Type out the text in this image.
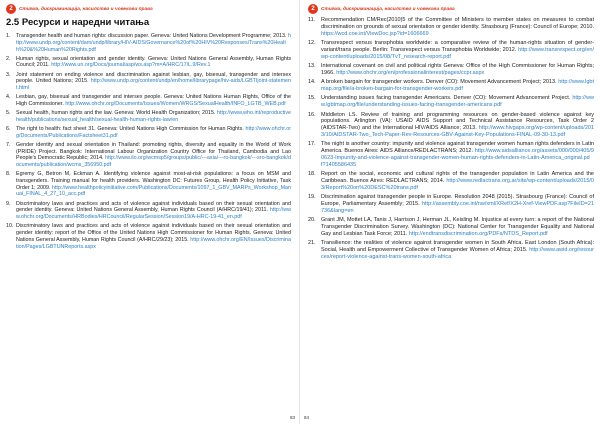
2	Стигма, дискриминација, насилство и човекови права
2.5 Ресурси и наредни читања
1.	Transgender health and human rights: discussion paper. Geneva: United Nations Development Programme; 2013. http://www.undp.org/content/dam/undp/library/HIV-AIDS/Governance%20of%20HIV%20Responses/Trans%20Health%20&%20Human%20Rights.pdf
2.	Human rights, sexual orientation and gender identity. Geneva: United Nations General Assembly, Human Rights Council; 2011. http://www.un.org/Docs/journal/asp/ws.asp?m=A/HRC/17/L.9/Rev.1
3.	Joint statement on ending violence and discrimination against lesbian, gay, bisexual, transgender and intersex people. United Nations; 2015. http://www.undp.org/content/undp/en/home/librarypage/hiv-aids/LGBTIjoint-statement.html
4.	Lesbian, gay, bisexual and transgender and intersex people. Geneva: United Nations Human Rights, Office of the High Commissioner. http://www.ohchr.org/Documents/Issues/Women/WRGS/SexualHealth/INFO_LGTB_WEB.pdf
5.	Sexual health, human rights and the law. Geneva: World Health Organization; 2015. http://www.who.int/reproductivehealth/publications/sexual_health/sexual-health-human-rights-law/en
6.	The right to health: fact sheet 31. Geneva: United Nations High Commission for Human Rights. http://www.ohchr.org/Documents/Publications/Factsheet31.pdf
7.	Gender identity and sexual orientation in Thailand: promoting rights, diversity and equality in the World of Work (PRIDE) Project. Bangkok: International Labour Organization Country Office for Thailand, Cambodia and Lao People's Democratic Republic; 2014. http://www.ilo.org/wcmsp5/groups/public/---asia/---ro-bangkok/---sro-bangkok/documents/publication/wcms_356950.pdf
8.	Egremy G, Betron M, Eckman A. Identifying violence against most-at-risk populations: a focus on MSM and transgenders. Training manual for health providers. Washington DC: Futures Group, Health Policy Initiative, Task Order 1; 2009. http://www.healthpolicyinitiative.com/Publications/Documents/1097_1_GBV_MARPs_Workshop_Manual_FINAL_4_27_10_acc.pdf
9.	Discriminatory laws and practices and acts of violence against individuals based on their sexual orientation and gender identity. Geneva: United Nations General Assembly, Human Rights Council (A/HRC/19/41); 2011. http://www.ohchr.org/Documents/HRBodies/HRCouncil/RegularSession/Session19/A-HRC-19-41_en.pdf
10. Discriminatory laws and practices and acts of violence against individuals based on their sexual orientation and gender identity: report of the Office of the United Nations High Commissioner for Human Rights. Geneva: United Nations General Assembly, Human Rights Council (A/HRC/29/23); 2015. http://www.ohchr.org/EN/Issues/Discrimination/Pages/LGBTUNReports.aspx
83
2	Стигма, дискриминација, насилство и човекови права
11.	Recommendation CM/Rec(2010)5 of the Committee of Ministers to member states on measures to combat discrimination on grounds of sexual orientation or gender identity. Strasbourg (France): Council of Europe; 2010. https://wcd.coe.int/ViewDoc.jsp?id=1606669
12. Transrespect versus transphobia worldwide: a comparative review of the human-rights situation of gender-variant/trans people. Berlin: Transrespect versus Transphobia Worldwide; 2012. http://www.transrespect.org/en/wp-content/uploads/2015/08/TvT_research-report.pdf
13. International covenant on civil and political rights Geneva: Office of the High Commissioner for Human Rights; 1966. http://www.ohchr.org/en/professionalinterest/pages/ccpr.aspx
14. A broken bargain for transgender workers. Denver (CO): Movement Advancement Project; 2013. http://www.lgbtmap.org/file/a-broken-bargain-for-transgender-workers.pdf
15. Understanding issues facing transgender Americans. Denver (CO): Movement Advancement Project. http://www.lgbtmap.org/file/understanding-issues-facing-transgender-americans.pdf
16. Middleton LS. Review of training and programming resources on gender-based violence against key populations. Arlington (VA): USAID AIDS Support and Technical Assistance Resources, Task Order 2 (AIDSTAR-Two) and the International HIV/AIDS Alliance; 2013. http://www.hivgaps.org/wp-content/uploads/2013/10/AIDSTAR-Two_Tech-Paper-Rev-Resources-GBV-Against-Key-Populations-FINAL-09-30-13.pdf
17. The night is another country: impunity and violence against transgender women human rights defenders in Latin America. Buenos Aires: AIDS Alliance/REDLACTRANS; 2012. http://www.aidsalliance.org/assets/000/000/405/90623-Impunity-and-violence-against-transgender-women-human-rights-defenders-in-Latin-America_original.pdf?1405586435
18. Report on the social, economic and cultural rights of the transgender population in Latin America and the Caribbean. Buenos Aires: REDLACTRANS; 2014. http://www.redlactrans.org.ar/site/wp-content/uploads/2015/03/Report%20on%20DESC%20trans.pdf
19. Discrimination against transgender people in Europe. Resolution 2048 (2015). Strasbourg (France): Council of Europe, Parliamentary Assembly; 2015. http://assembly.coe.int/nw/xml/XRef/X2H-Xref-ViewPDF.asp?FileID=21736&lang=en
20. Grant JM, Mottet LA, Tanis J, Harrison J, Herman JL, Keisling M. Injustice at every turn: a report of the National Transgender Discrimination Survey. Washington (DC): National Center for Transgender Equality and National Gay and Lesbian Task Force; 2011. http://endtransdiscrimination.org/PDFs/NTDS_Report.pdf
21. Transilience: the realities of violence against transgender women in South Africa. East London (South Africa): Social, Health and Empowerment Collective of Transgender Women of Africa; 2015. http://www.awid.org/resources/report-violence-against-trans-women-south-africa
84
